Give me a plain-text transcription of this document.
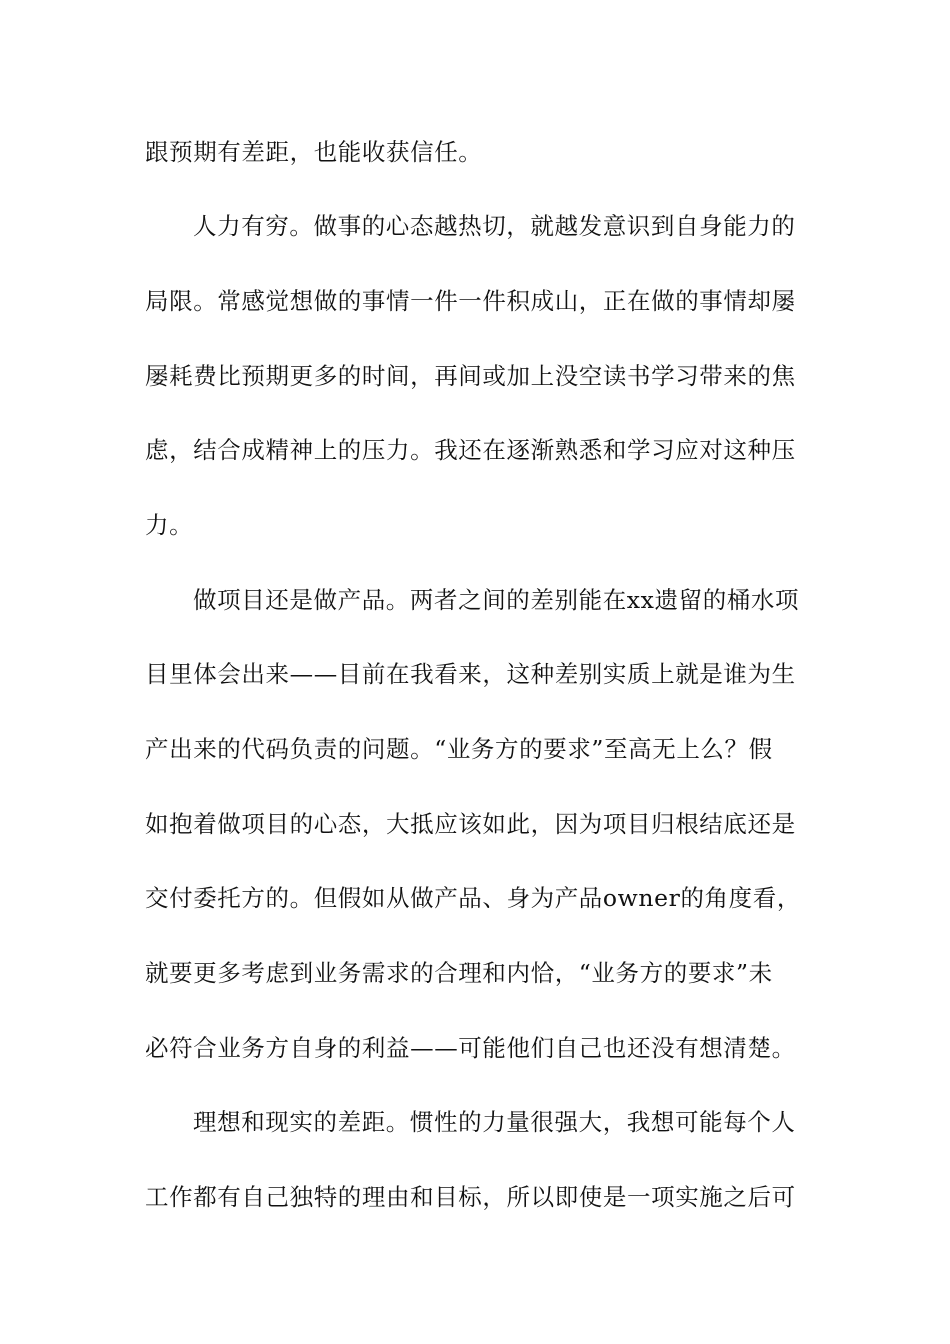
跟预期有差距，也能收获信任。

人力有穷。做事的心态越热切，就越发意识到自身能力的

局限。常感觉想做的事情一件一件积成山，正在做的事情却屡

屡耗费比预期更多的时间，再间或加上没空读书学习带来的焦

虑，结合成精神上的压力。我还在逐渐熟悉和学习应对这种压

力。

做项目还是做产品。两者之间的差别能在xx遗留的桶水项

目里体会出来——目前在我看来，这种差别实质上就是谁为生

产出来的代码负责的问题。“业务方的要求”至高无上么？假

如抱着做项目的心态，大抵应该如此，因为项目归根结底还是

交付委托方的。但假如从做产品、身为产品owner的角度看，

就要更多考虑到业务需求的合理和内恰，“业务方的要求”未

必符合业务方自身的利益——可能他们自己也还没有想清楚。

理想和现实的差距。惯性的力量很强大，我想可能每个人

工作都有自己独特的理由和目标，所以即使是一项实施之后可
